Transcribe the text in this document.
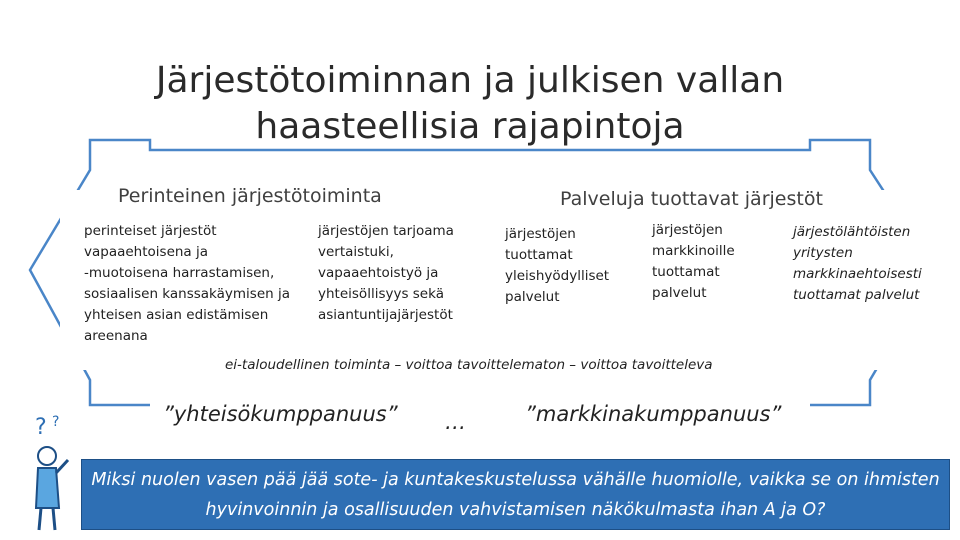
Järjestötoiminnan ja julkisen vallan haasteellisia rajapintoja
Perinteinen järjestötoiminta	Palveluja tuottavat järjestöt
perinteiset järjestöt
vapaaehtoisena ja
-muotoisena harrastamisen,
sosiaalisen kanssakäymisen ja
yhteisen asian edistämisen
areenana
järjestöjen tarjoama
vertaistuki,
vapaaehtoistyö ja
yhteisöllisyys sekä
asiantuntijajärjestöt
järjestöjen
tuottamat
yleishyödylliset
palvelut
järjestöjen
markkinoille
tuottamat
palvelut
järjestölähtöisten
yritysten
markkinaehtoisesti
tuottamat palvelut
ei-taloudellinen toiminta – voittoa tavoittelematon – voittoa tavoitteleva
”yhteisökumppanuus” …	”markkinakumppanuus”
? ?
Miksi nuolen vasen pää jää sote- ja kuntakeskustelussa vähälle huomiolle, vaikka se on ihmisten hyvinvoinnin ja osallisuuden vahvistamisen näkökulmasta ihan A ja O?
